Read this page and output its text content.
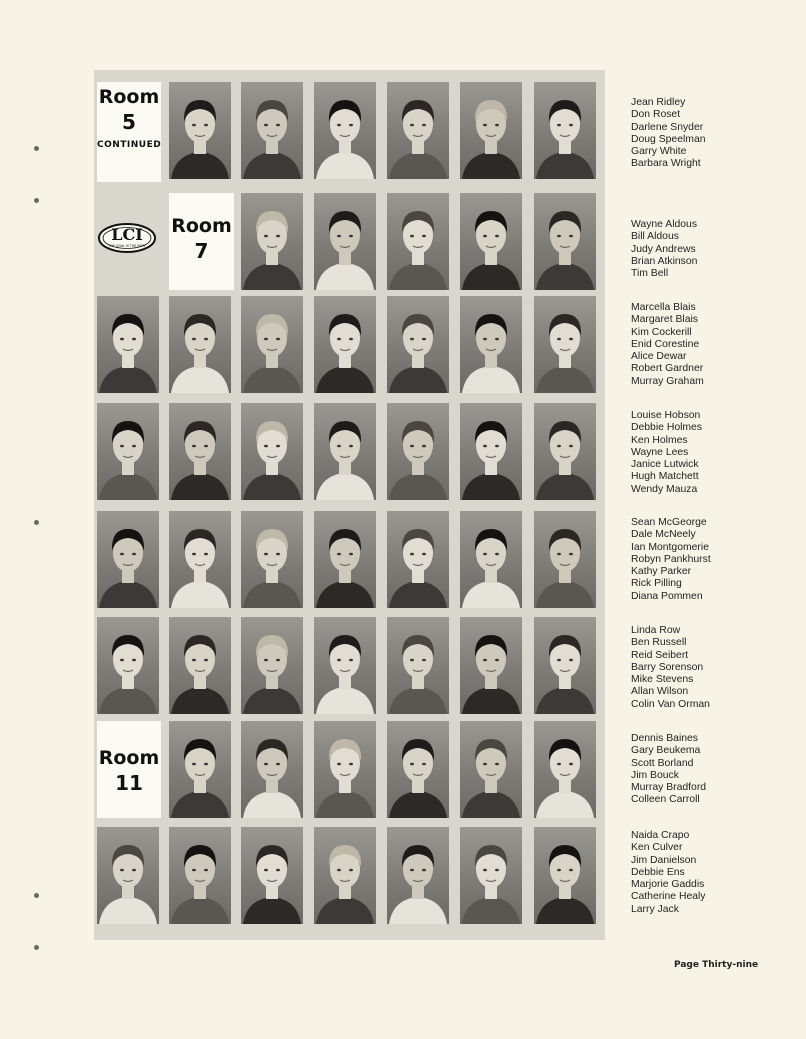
Room
5
CONTINUED
LCI
THE GOAL IS THE PATH
Room
7
Room
11
Jean Ridley
Don Roset
Darlene Snyder
Doug Speelman
Garry White
Barbara Wright
Wayne Aldous
Bill Aldous
Judy Andrews
Brian Atkinson
Tim Bell
Marcella Blais
Margaret Blais
Kim Cockerill
Enid Corestine
Alice Dewar
Robert Gardner
Murray Graham
Louise Hobson
Debbie Holmes
Ken Holmes
Wayne Lees
Janice Lutwick
Hugh Matchett
Wendy Mauza
Sean McGeorge
Dale McNeely
Ian Montgomerie
Robyn Pankhurst
Kathy Parker
Rick Pilling
Diana Pommen
Linda Row
Ben Russell
Reid Seibert
Barry Sorenson
Mike Stevens
Allan Wilson
Colin Van Orman
Dennis Baines
Gary Beukema
Scott Borland
Jim Bouck
Murray Bradford
Colleen Carroll
Naida Crapo
Ken Culver
Jim Danielson
Debbie Ens
Marjorie Gaddis
Catherine Healy
Larry Jack
Page Thirty-nine
